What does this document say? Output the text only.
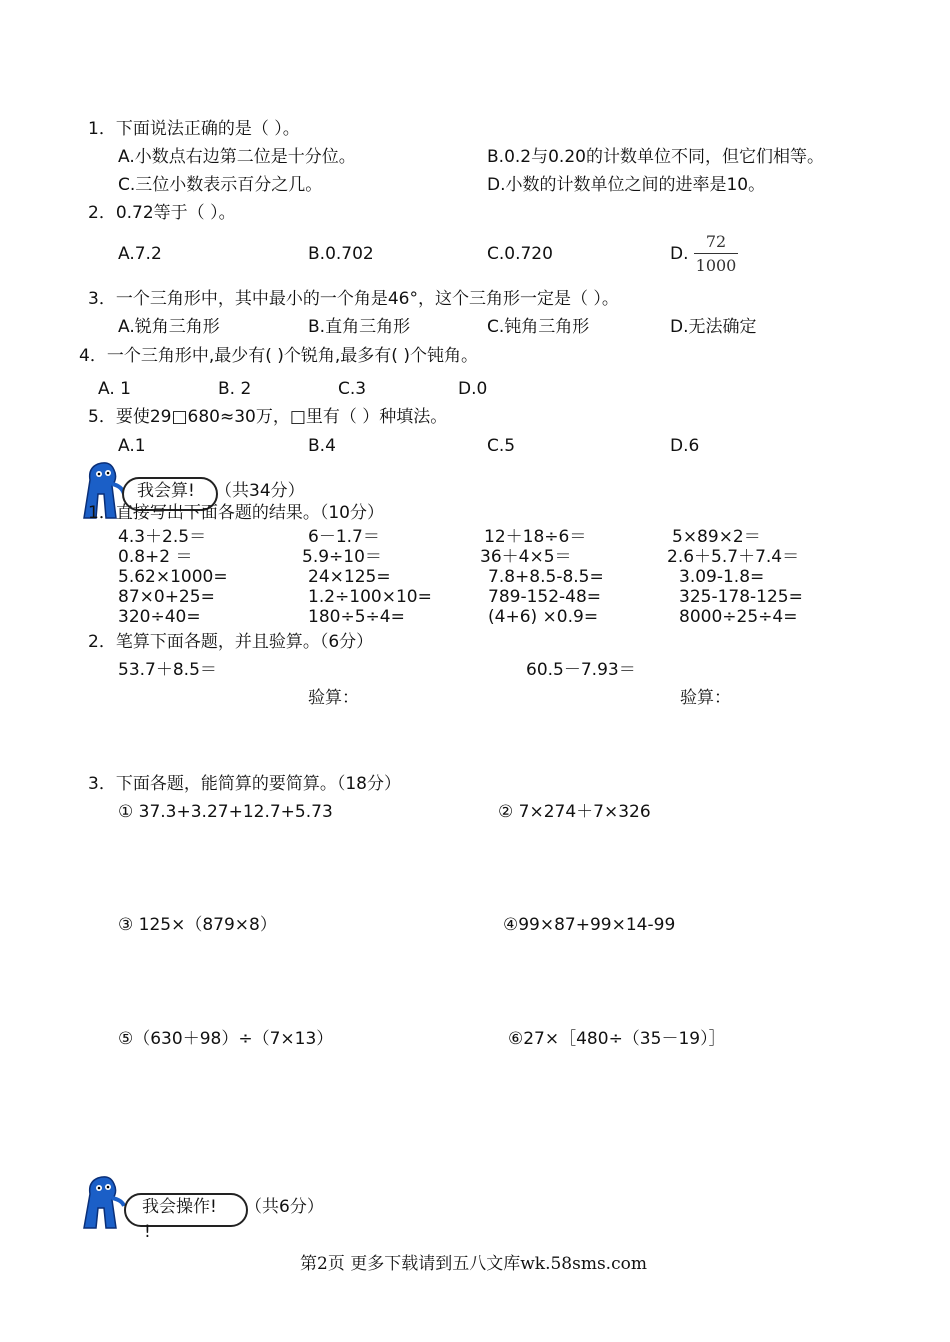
1．下面说法正确的是（ ）。
A.小数点右边第二位是十分位。	B.0.2与0.20的计数单位不同，但它们相等。
C.三位小数表示百分之几。	D.小数的计数单位之间的进率是10。
2．0.72等于（ ）。
A.7.2	B.0.702	C.0.720	D.
72
1000
3．一个三角形中，其中最小的一个角是46°，这个三角形一定是（ ）。
A.锐角三角形	B.直角三角形	C.钝角三角形	D.无法确定
4．一个三角形中,最少有( )个锐角,最多有( )个钝角。
A. 1	B. 2	C.3	D.0
5．要使29□680≈30万，□里有（ ）种填法。
A.1	B.4	C.5	D.6
我会算! （共34分）
1．直接写出下面各题的结果。（10分）
4.3＋2.5＝	6－1.7＝	12＋18÷6＝	5×89×2＝
0.8+2 ＝	5.9÷10＝	36＋4×5＝	2.6＋5.7＋7.4＝
5.62×1000=	24×125=	7.8+8.5-8.5=	3.09-1.8=
87×0+25=	1.2÷100×10=	789-152-48=	325-178-125=
320÷40=	180÷5÷4=	(4+6) ×0.9=	8000÷25÷4=
2．笔算下面各题，并且验算。（6分）
53.7＋8.5＝	60.5－7.93＝
验算：	验算：
3．下面各题，能简算的要简算。（18分）
① 37.3+3.27+12.7+5.73	② 7×274＋7×326
③ 125×（879×8）	④99×87+99×14-99
⑤（630＋98）÷（7×13）	⑥27×［480÷（35－19）］
我会操作! （共6分）
!
第2页 更多下载请到五八文库wk.58sms.com
